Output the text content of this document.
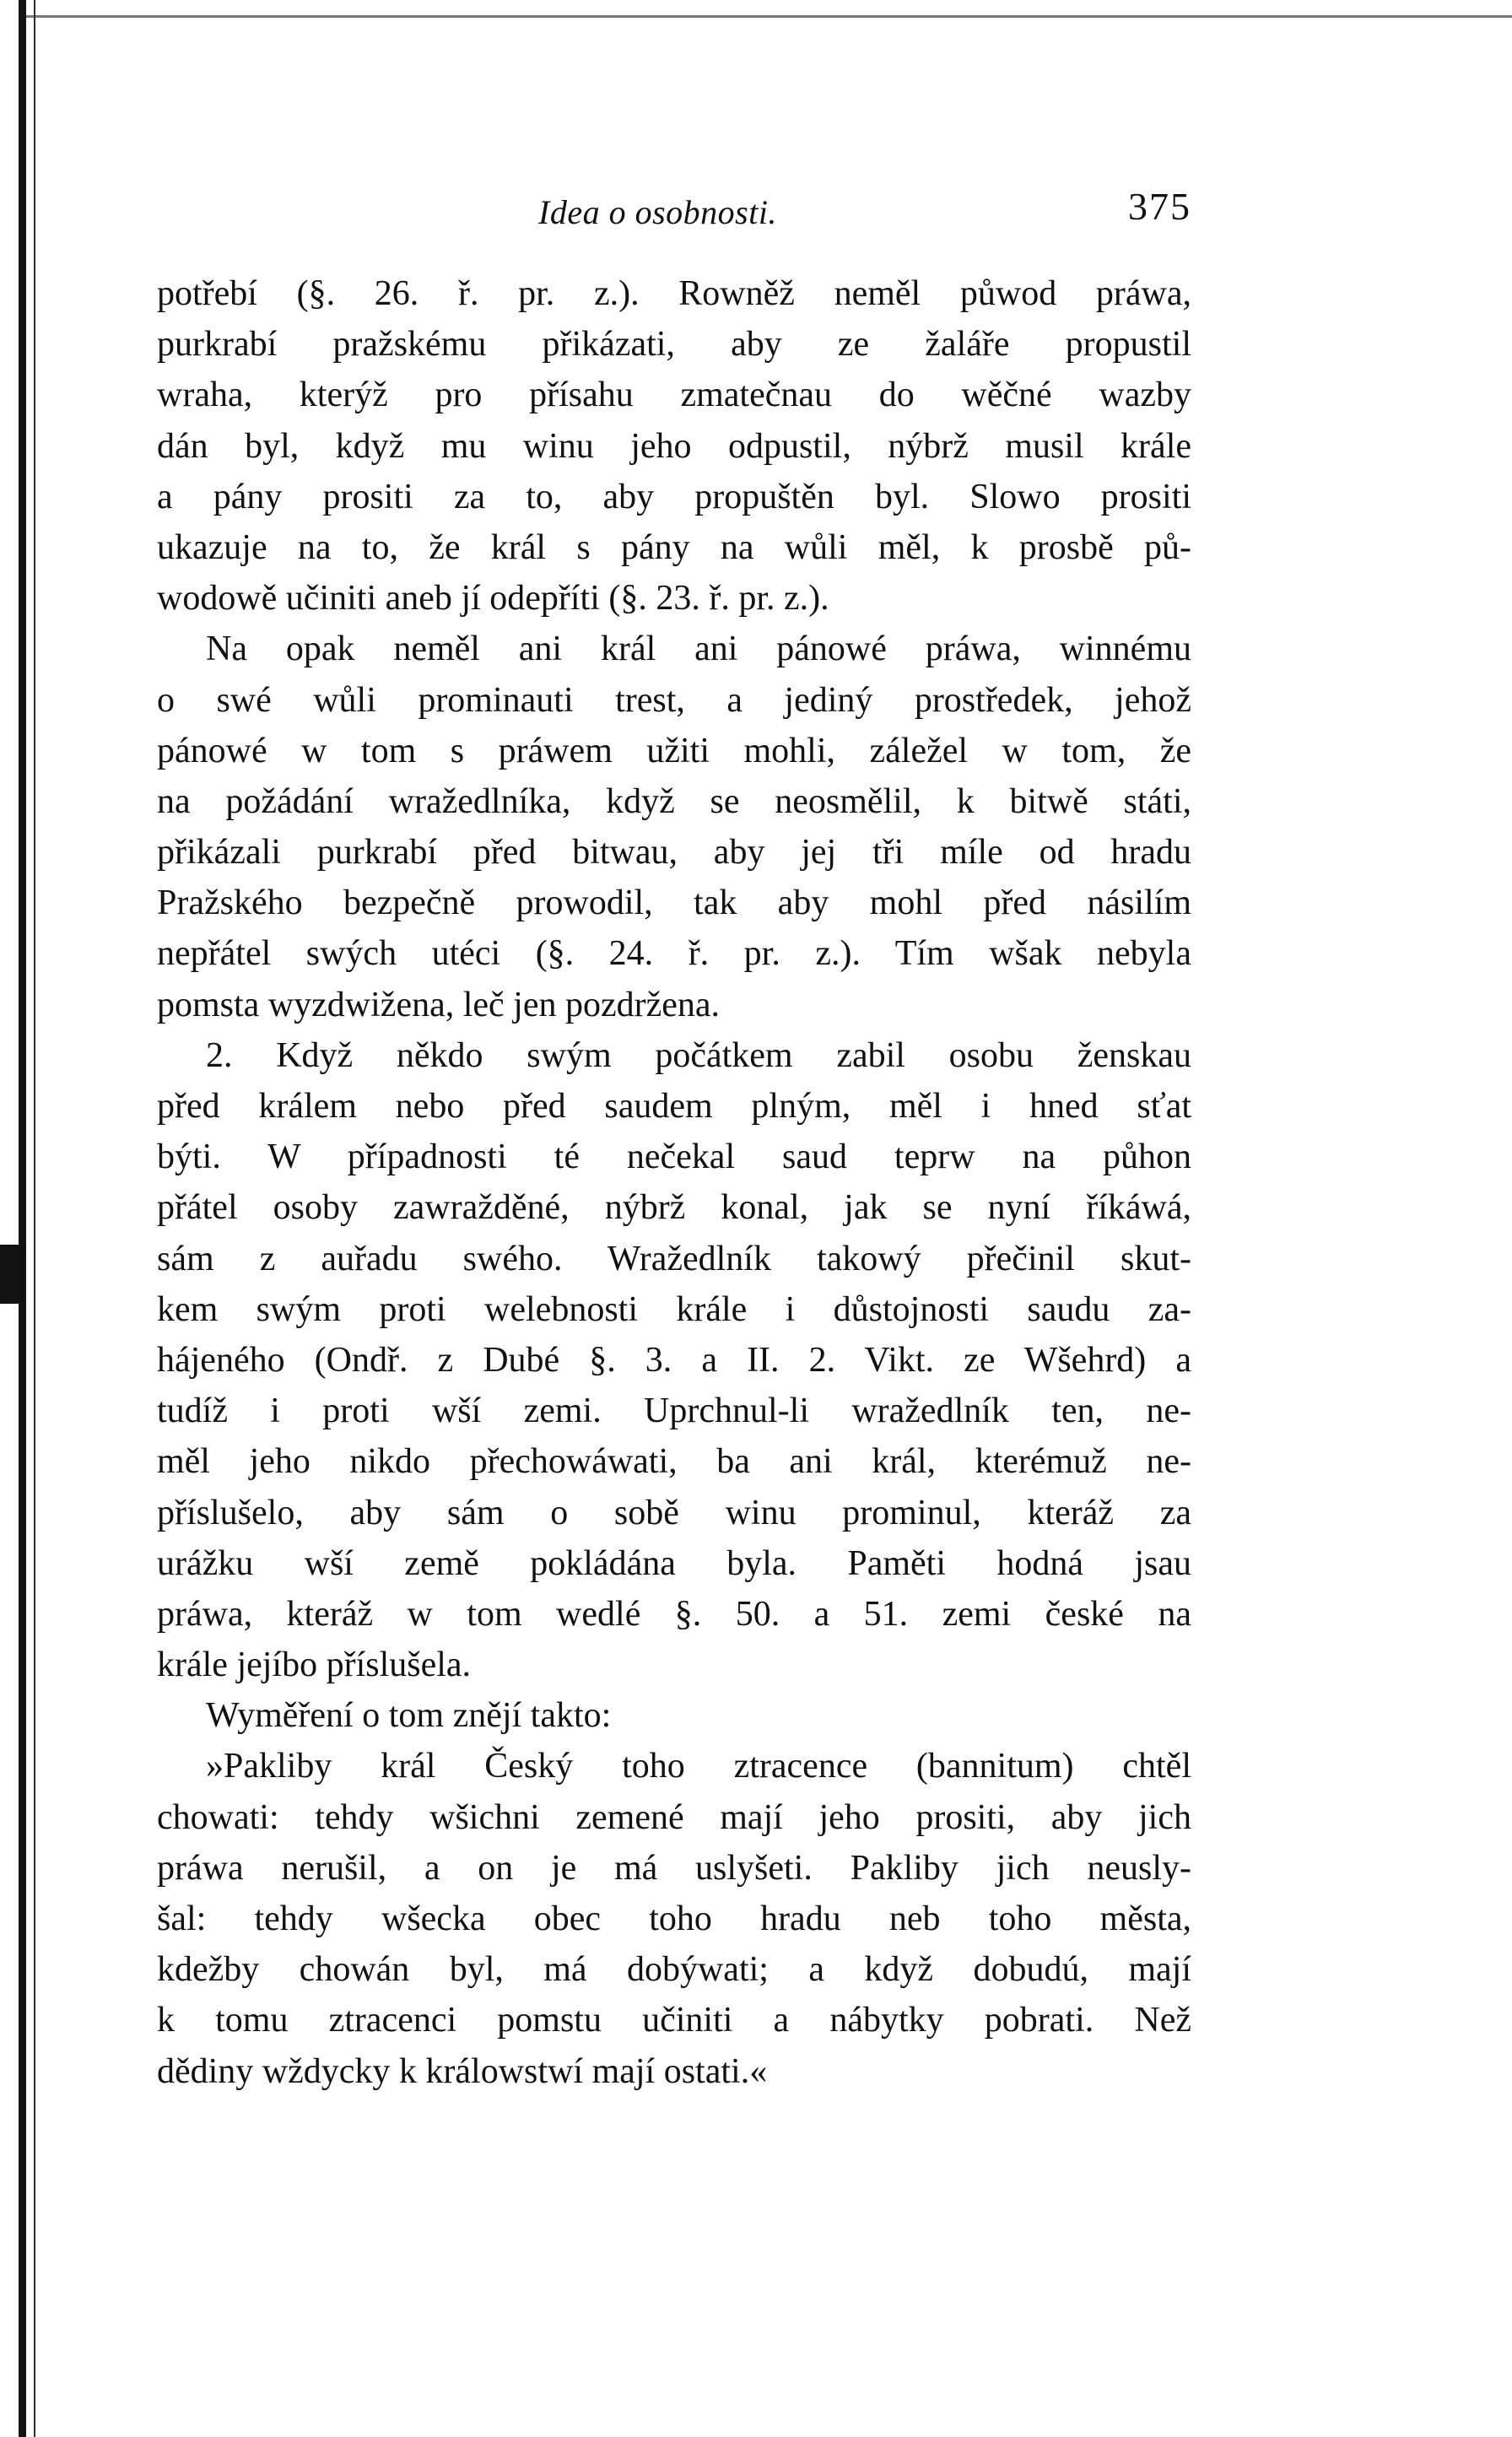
Idea o osobnosti.	375
potřebí (§. 26. ř. pr. z.). Rowněž neměl půwod práwa,
purkrabí pražskému přikázati, aby ze žaláře propustil
wraha, kterýž pro přísahu zmatečnau do wěčné wazby
dán byl, když mu winu jeho odpustil, nýbrž musil krále
a pány prositi za to, aby propuštěn byl. Slowo prositi
ukazuje na to, že král s pány na wůli měl, k prosbě pů-
wodowě učiniti aneb jí odepříti (§. 23. ř. pr. z.).
Na opak neměl ani král ani pánowé práwa, winnému
o swé wůli prominauti trest, a jediný prostředek, jehož
pánowé w tom s práwem užiti mohli, záležel w tom, že
na požádání wražedlníka, když se neosmělil, k bitwě státi,
přikázali purkrabí před bitwau, aby jej tři míle od hradu
Pražského bezpečně prowodil, tak aby mohl před násilím
nepřátel swých utéci (§. 24. ř. pr. z.). Tím wšak nebyla
pomsta wyzdwižena, leč jen pozdržena.
2. Když někdo swým počátkem zabil osobu ženskau
před králem nebo před saudem plným, měl i hned sťat
býti. W případnosti té nečekal saud teprw na půhon
přátel osoby zawražděné, nýbrž konal, jak se nyní říkáwá,
sám z auřadu swého. Wražedlník takowý přečinil skut-
kem swým proti welebnosti krále i důstojnosti saudu za-
hájeného (Ondř. z Dubé §. 3. a II. 2. Vikt. ze Wšehrd) a
tudíž i proti wší zemi. Uprchnul-li wražedlník ten, ne-
měl jeho nikdo přechowáwati, ba ani král, kterémuž ne-
příslušelo, aby sám o sobě winu prominul, kteráž za
urážku wší země pokládána byla. Paměti hodná jsau
práwa, kteráž w tom wedlé §. 50. a 51. zemi české na
krále jejíbo příslušela.
Wyměření o tom znějí takto:
»Pakliby král Český toho ztracence (bannitum) chtěl
chowati: tehdy wšichni zemené mají jeho prositi, aby jich
práwa nerušil, a on je má uslyšeti. Pakliby jich neusly-
šal: tehdy wšecka obec toho hradu neb toho města,
kdežby chowán byl, má dobýwati; a když dobudú, mají
k tomu ztracenci pomstu učiniti a nábytky pobrati. Než
dědiny wždycky k králowstwí mají ostati.«
